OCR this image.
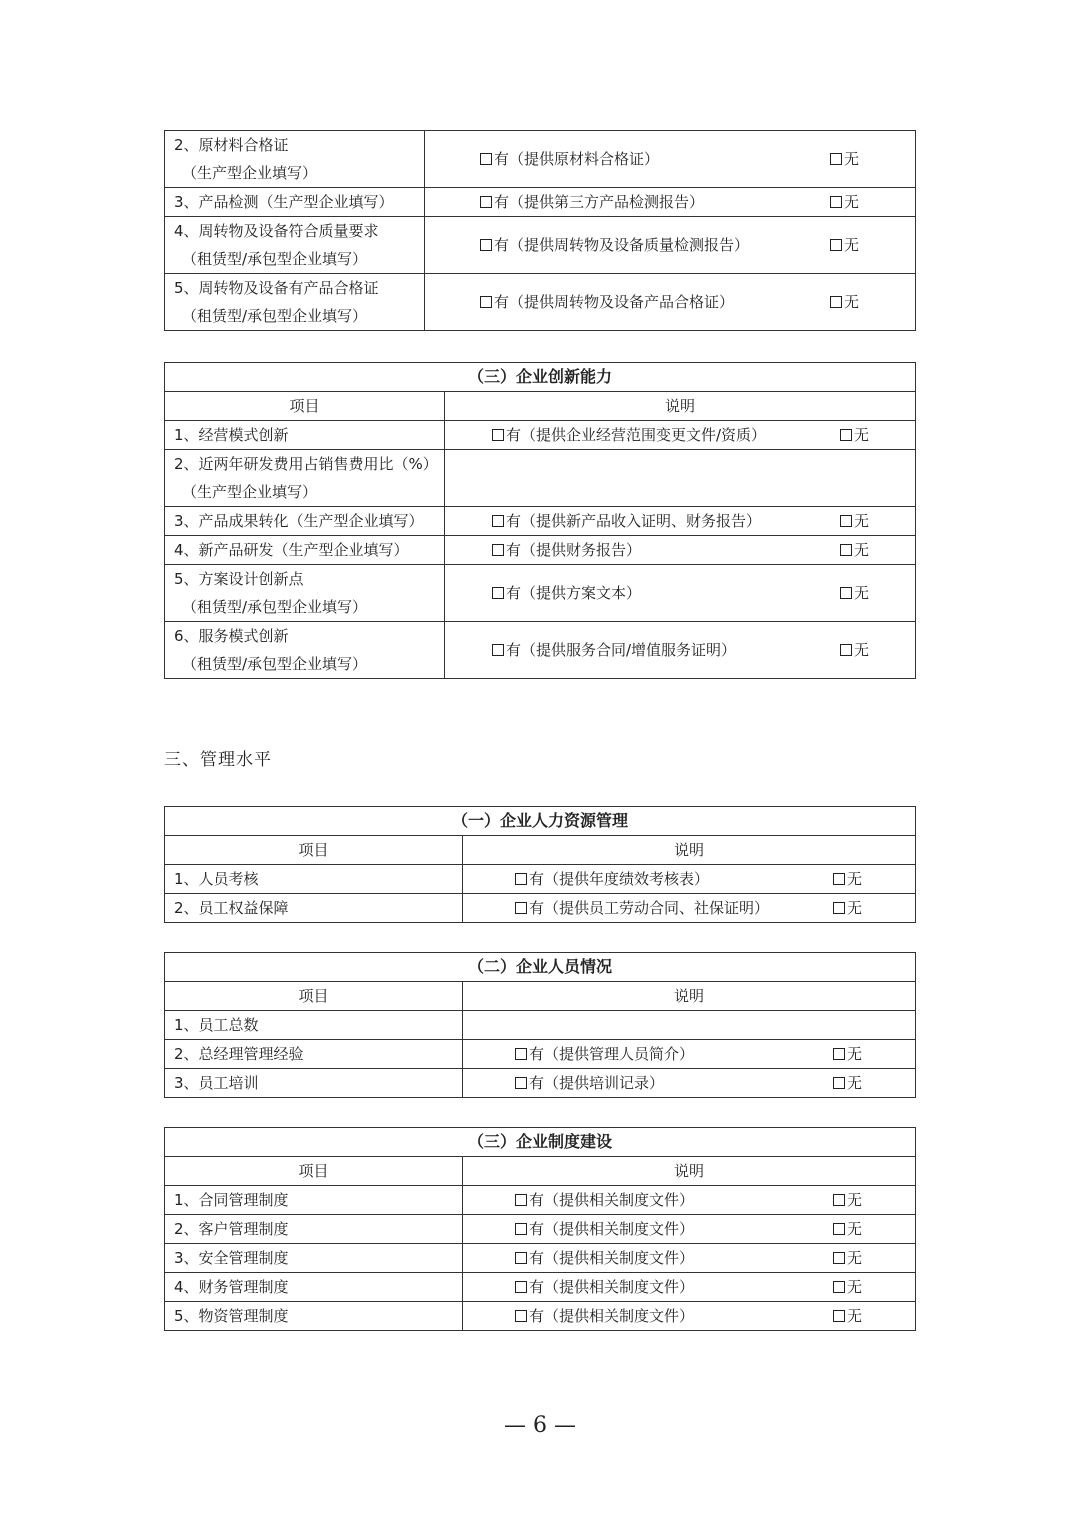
2、原材料合格证
（生产型企业填写）	有（提供原材料合格证） 无

3、产品检测（生产型企业填写）	有（提供第三方产品检测报告） 无

4、周转物及设备符合质量要求
（租赁型/承包型企业填写）	有（提供周转物及设备质量检测报告） 无

5、周转物及设备有产品合格证
（租赁型/承包型企业填写）	有（提供周转物及设备产品合格证） 无
（三）企业创新能力	
项目	说明

1、经营模式创新	有（提供企业经营范围变更文件/资质） 无

2、近两年研发费用占销售费用比（%）
（生产型企业填写）	

3、产品成果转化（生产型企业填写）	有（提供新产品收入证明、财务报告） 无

4、新产品研发（生产型企业填写）	有（提供财务报告） 无

5、方案设计创新点
（租赁型/承包型企业填写）	有（提供方案文本） 无

6、服务模式创新
（租赁型/承包型企业填写）	有（提供服务合同/增值服务证明） 无
三、管理水平
（一）企业人力资源管理	
项目	说明

1、人员考核	有（提供年度绩效考核表） 无

2、员工权益保障	有（提供员工劳动合同、社保证明） 无
（二）企业人员情况	
项目	说明

1、员工总数	

2、总经理管理经验	有（提供管理人员简介） 无

3、员工培训	有（提供培训记录） 无
（三）企业制度建设	
项目	说明

1、合同管理制度	有（提供相关制度文件） 无

2、客户管理制度	有（提供相关制度文件） 无

3、安全管理制度	有（提供相关制度文件） 无

4、财务管理制度	有（提供相关制度文件） 无

5、物资管理制度	有（提供相关制度文件） 无
— 6 —
